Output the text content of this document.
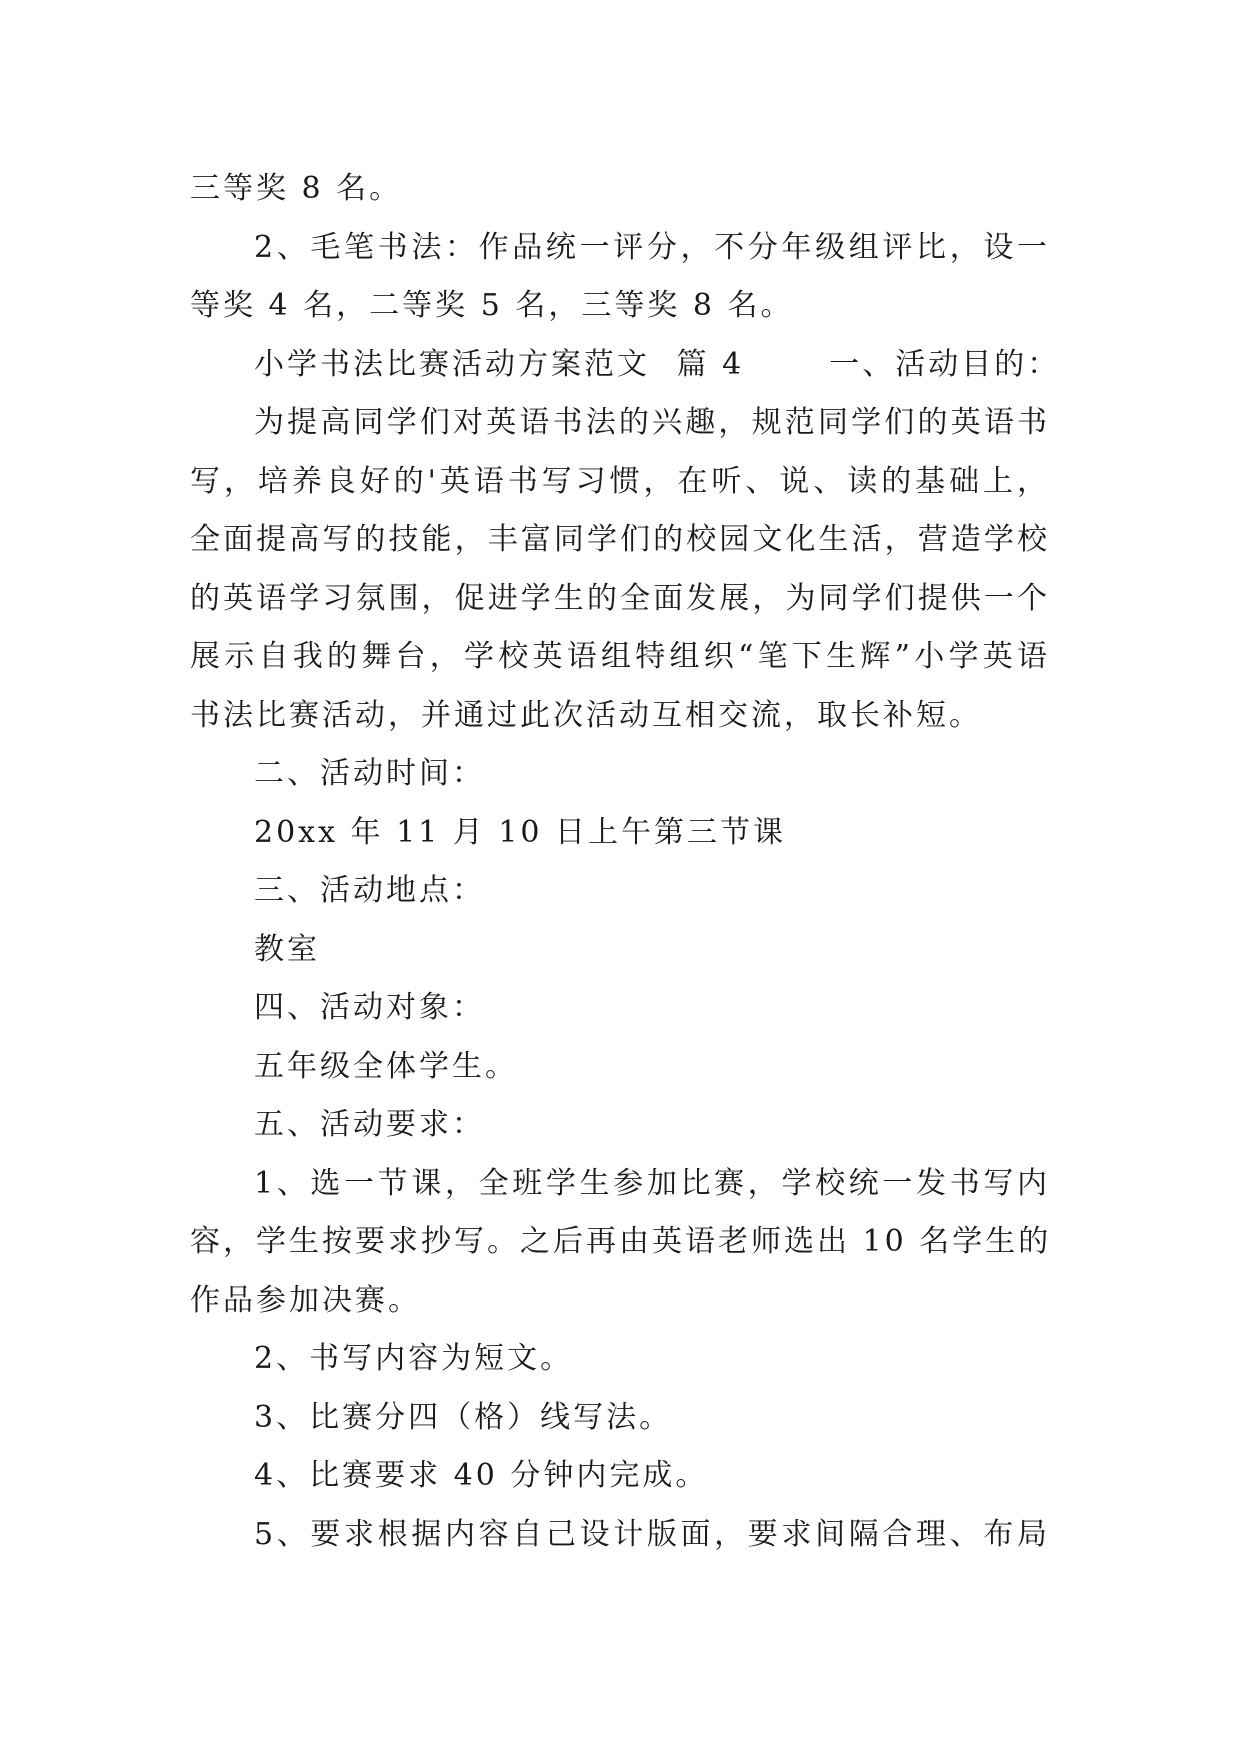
三等奖 8 名。
2、毛笔书法：作品统一评分，不分年级组评比，设一
等奖 4 名，二等奖 5 名，三等奖 8 名。
小学书法比赛活动方案范文 篇 4	一、活动目的：
为提高同学们对英语书法的兴趣，规范同学们的英语书
写，培养良好的'英语书写习惯，在听、说、读的基础上，
全面提高写的技能，丰富同学们的校园文化生活，营造学校
的英语学习氛围，促进学生的全面发展，为同学们提供一个
展示自我的舞台，学校英语组特组织“笔下生辉”小学英语
书法比赛活动，并通过此次活动互相交流，取长补短。
二、活动时间：
20xx 年 11 月 10 日上午第三节课
三、活动地点：
教室
四、活动对象：
五年级全体学生。
五、活动要求：
1、选一节课，全班学生参加比赛，学校统一发书写内
容，学生按要求抄写。之后再由英语老师选出 10 名学生的
作品参加决赛。
2、书写内容为短文。
3、比赛分四（格）线写法。
4、比赛要求 40 分钟内完成。
5、要求根据内容自己设计版面，要求间隔合理、布局
